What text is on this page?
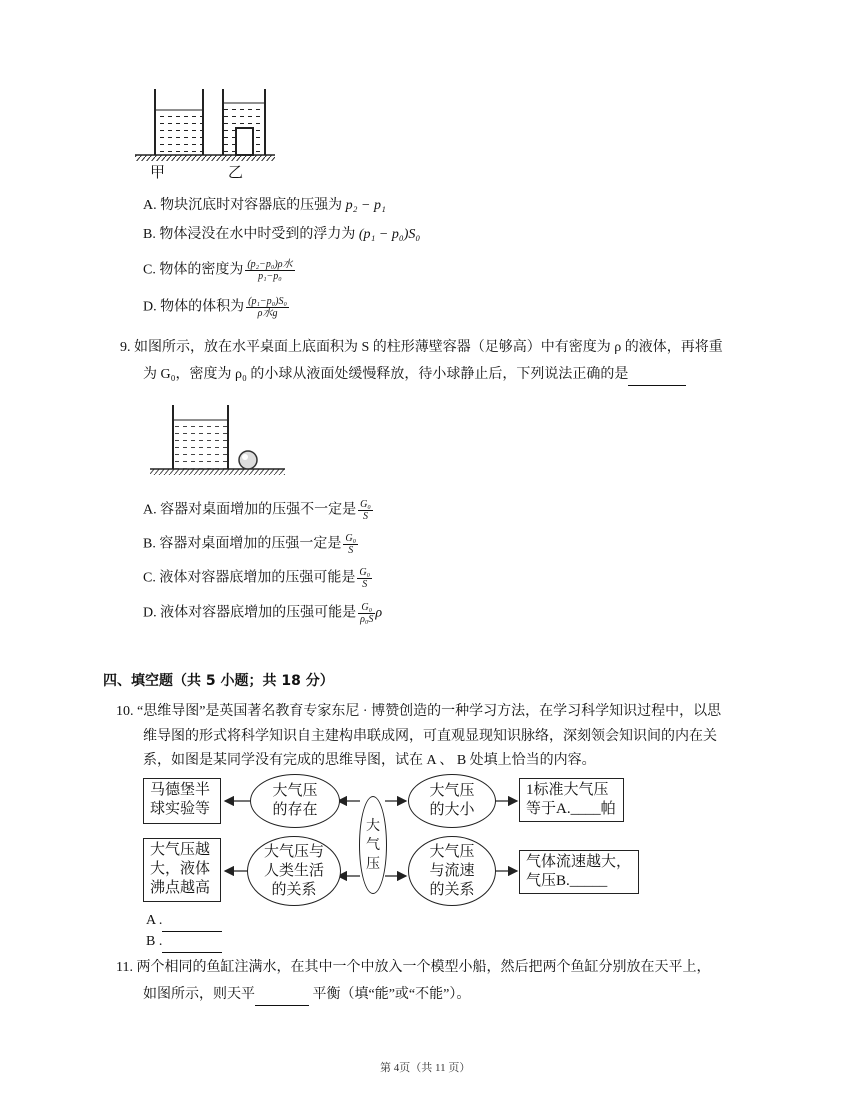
甲	乙
A. 物块沉底时对容器底的压强为 p₂ − p₁
B. 物体浸没在水中时受到的浮力为 (p₁ − p₀)S₀
C. 物体的密度为 $\frac{\text{(p₂−p₀)ρ水}}{\text{p₁−p₀}}$
D. 物体的体积为 $\frac{\text{(p₁−p₀)S₀}}{\text{ρ水g}}$
9. 如图所示，放在水平桌面上底面积为 S 的柱形薄壁容器（足够高）中有密度为 ρ 的液体，再将重
为 G₀，密度为 ρ₀ 的小球从液面处缓慢释放，待小球静止后，下列说法正确的是
A. 容器对桌面增加的压强不一定是 $\frac{\text{G₀}}{S}$
B. 容器对桌面增加的压强一定是 $\frac{\text{G₀}}{S}$
C. 液体对容器底增加的压强可能是 $\frac{\text{G₀}}{S}$
D. 液体对容器底增加的压强可能是 $\frac{\text{G₀}}{\text{ρ₀S}}$ ρ
四、填空题（共 5 小题；共 18 分）
10. “思维导图”是英国著名教育专家东尼 · 博赞创造的一种学习方法，在学习科学知识过程中，以思
维导图的形式将科学知识自主建构串联成网，可直观显现知识脉络，深刻领会知识间的内在关
系，如图是某同学没有完成的思维导图，试在 A 、 B 处填上恰当的内容。
马德堡半球实验等
大气压的存在
大气压
大气压的大小
1标准大气压
等于A.____帕
大气压越大，液体沸点越高
大气压与人类生活的关系
大气压与流速的关系
气体流速越大，
气压B._____
A .
B .
11. 两个相同的鱼缸注满水，在其中一个中放入一个模型小船，然后把两个鱼缸分别放在天平上，
如图所示，则天平	平衡（填“能”或“不能”）。
第 4页（共 11 页）
